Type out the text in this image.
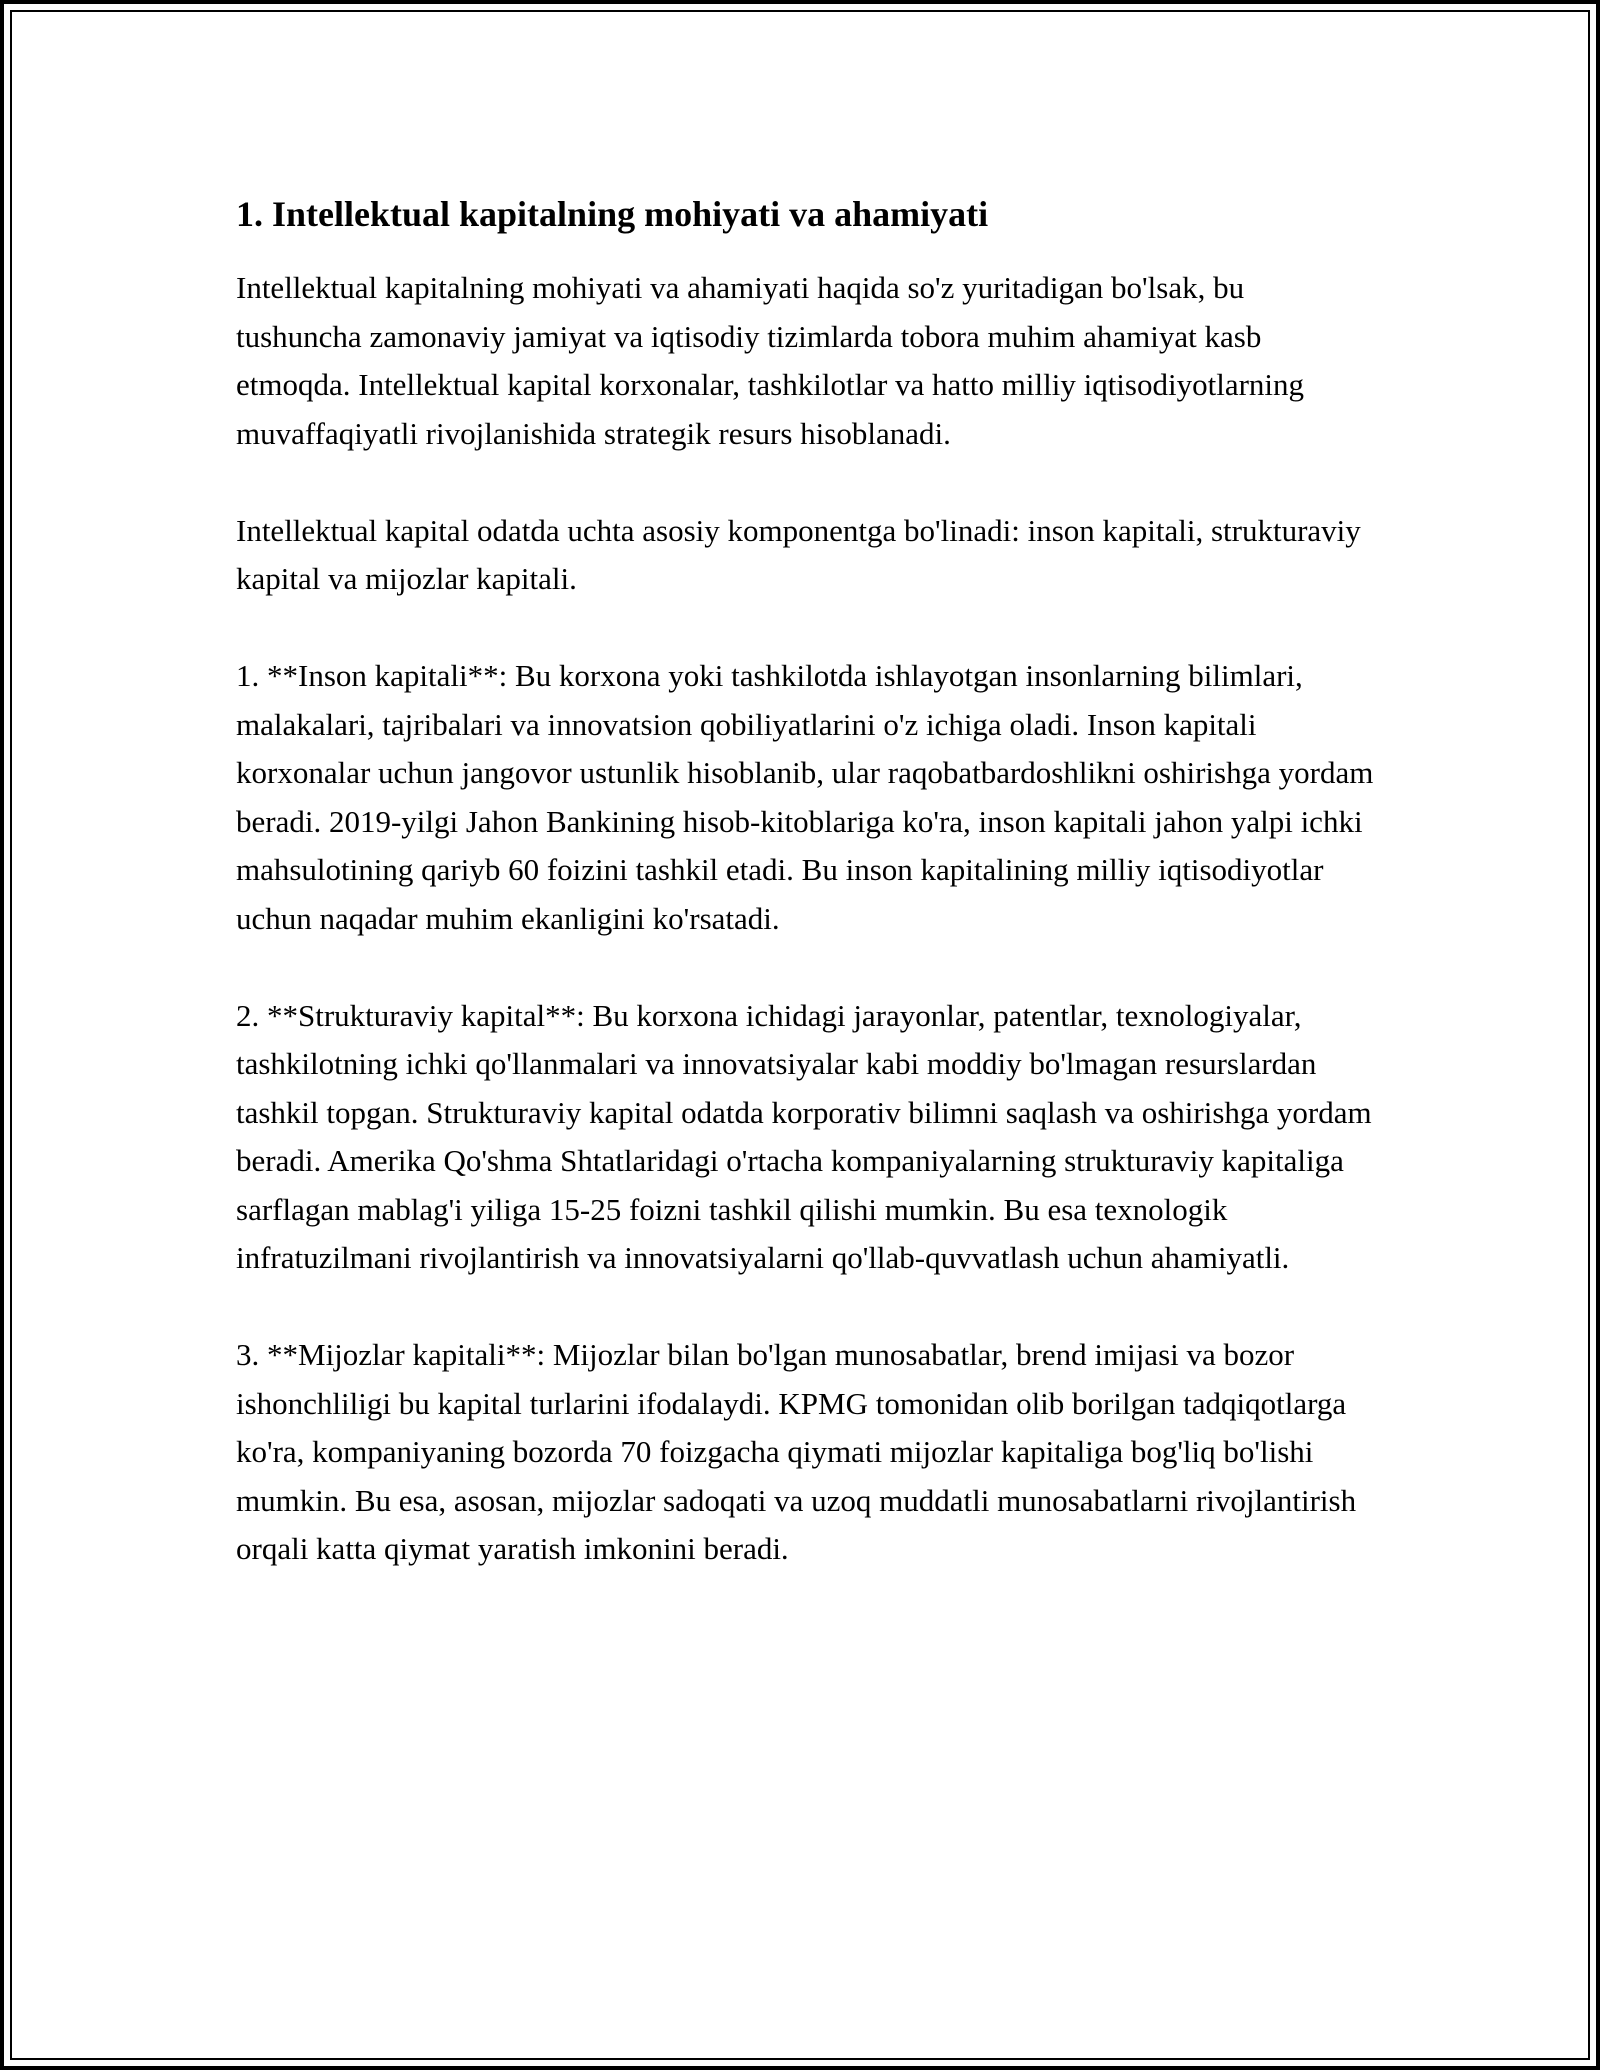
1. Intellektual kapitalning mohiyati va ahamiyati

Intellektual kapitalning mohiyati va ahamiyati haqida so'z yuritadigan bo'lsak, bu tushuncha zamonaviy jamiyat va iqtisodiy tizimlarda tobora muhim ahamiyat kasb etmoqda. Intellektual kapital korxonalar, tashkilotlar va hatto milliy iqtisodiyotlarning muvaffaqiyatli rivojlanishida strategik resurs hisoblanadi.

Intellektual kapital odatda uchta asosiy komponentga bo'linadi: inson kapitali, strukturaviy kapital va mijozlar kapitali.

1. **Inson kapitali**: Bu korxona yoki tashkilotda ishlayotgan insonlarning bilimlari, malakalari, tajribalari va innovatsion qobiliyatlarini o'z ichiga oladi. Inson kapitali korxonalar uchun jangovor ustunlik hisoblanib, ular raqobatbardoshlikni oshirishga yordam beradi. 2019-yilgi Jahon Bankining hisob-kitoblariga ko'ra, inson kapitali jahon yalpi ichki mahsulotining qariyb 60 foizini tashkil etadi. Bu inson kapitalining milliy iqtisodiyotlar uchun naqadar muhim ekanligini ko'rsatadi.

2. **Strukturaviy kapital**: Bu korxona ichidagi jarayonlar, patentlar, texnologiyalar, tashkilotning ichki qo'llanmalari va innovatsiyalar kabi moddiy bo'lmagan resurslardan tashkil topgan. Strukturaviy kapital odatda korporativ bilimni saqlash va oshirishga yordam beradi. Amerika Qo'shma Shtatlaridagi o'rtacha kompaniyalarning strukturaviy kapitaliga sarflagan mablag'i yiliga 15-25 foizni tashkil qilishi mumkin. Bu esa texnologik infratuzilmani rivojlantirish va innovatsiyalarni qo'llab-quvvatlash uchun ahamiyatli.

3. **Mijozlar kapitali**: Mijozlar bilan bo'lgan munosabatlar, brend imijasi va bozor ishonchliligi bu kapital turlarini ifodalaydi. KPMG tomonidan olib borilgan tadqiqotlarga ko'ra, kompaniyaning bozorda 70 foizgacha qiymati mijozlar kapitaliga bog'liq bo'lishi mumkin. Bu esa, asosan, mijozlar sadoqati va uzoq muddatli munosabatlarni rivojlantirish orqali katta qiymat yaratish imkonini beradi.
